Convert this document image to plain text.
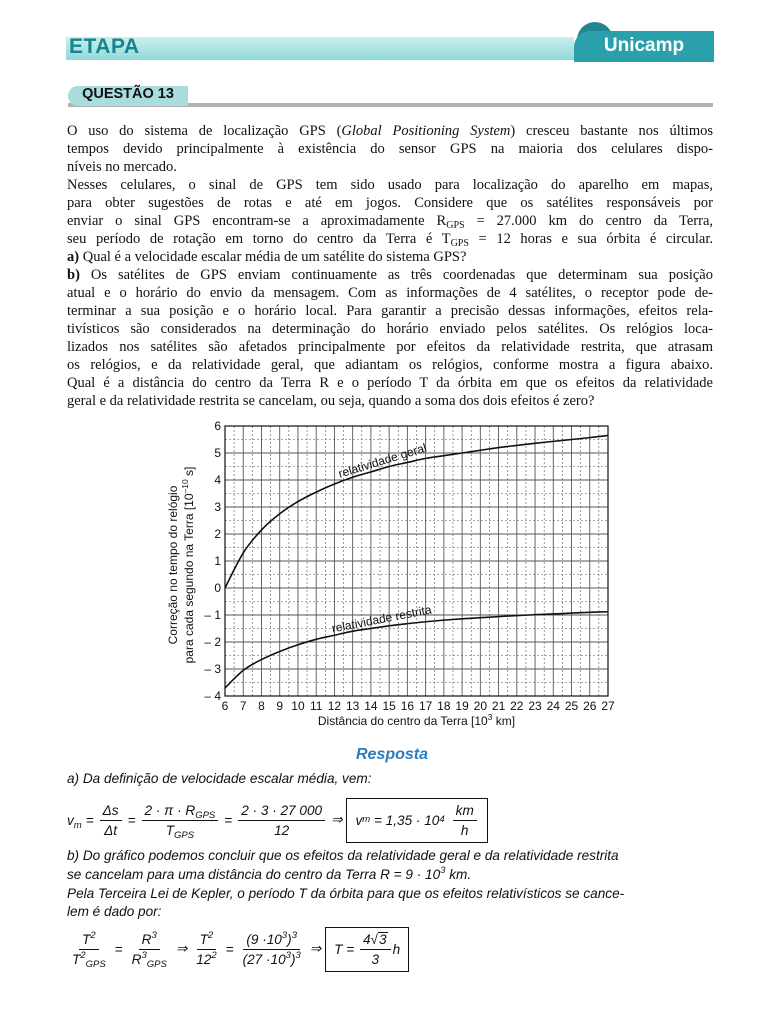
ETAPA	Unicamp
QUESTÃO 13
O uso do sistema de localização GPS (Global Positioning System) cresceu bastante nos últimos
tempos devido principalmente à existência do sensor GPS na maioria dos celulares dispo-
níveis no mercado.
Nesses celulares, o sinal de GPS tem sido usado para localização do aparelho em mapas,
para obter sugestões de rotas e até em jogos. Considere que os satélites responsáveis por
enviar o sinal GPS encontram-se a aproximadamente $R_{GPS} = 27.000$ km do centro da Terra,
seu período de rotação em torno do centro da Terra é $T_{GPS} = 12$ horas e sua órbita é circular.
a) Qual é a velocidade escalar média de um satélite do sistema GPS?
b) Os satélites de GPS enviam continuamente as três coordenadas que determinam sua posição
atual e o horário do envio da mensagem. Com as informações de 4 satélites, o receptor pode de-
terminar a sua posição e o horário local. Para garantir a precisão dessas informações, efeitos rela-
tivísticos são considerados na determinação do horário enviado pelos satélites. Os relógios loca-
lizados nos satélites são afetados principalmente por efeitos da relatividade restrita, que atrasam
os relógios, e da relatividade geral, que adiantam os relógios, conforme mostra a figura abaixo.
Qual é a distância do centro da Terra R e o período T da órbita em que os efeitos da relatividade
geral e da relatividade restrita se cancelam, ou seja, quando a soma dos dois efeitos é zero?
6
5
4
3
2
1
0
– 1
– 2
– 3
– 4
6 7 8 9 10 11 12 13 14 15 16 17 18 19 20 21 22 23 24 25 26 27
relatividade geral
relatividade restrita
Distância do centro da Terra [$10^3$ km]
Correção no tempo do relógio para cada segundo na Terra [$10^{-10}$ s]
Resposta
a) Da definição de velocidade escalar média, vem:
$v_m = \frac{\Delta s}{\Delta t} = \frac{2 \cdot \pi \cdot R_{GPS}}{T_{GPS}} = \frac{2 \cdot 3 \cdot 27 000}{12}$ ⇒ v m = 1,35 · 10 $4 \frac{km}{h}$
b) Do gráfico podemos concluir que os efeitos da relatividade geral e da relatividade restrita
se cancelam para uma distância do centro da Terra $R = 9 \cdot 10^3$ km.
Pela Terceira Lei de Kepler, o período T da órbita para que os efeitos relativísticos se cance-
lem é dado por:
$\frac{T^2}{T^2_{GPS}} = \frac{R^3}{R^3_{GPS}}$ ⇒ $\frac{T^2}{12^2} = \frac{(9 \cdot 10^3)^3}{(27 \cdot 10^3)^3}$ ⇒ $T = \frac{4 √ 3}{3}$ h
